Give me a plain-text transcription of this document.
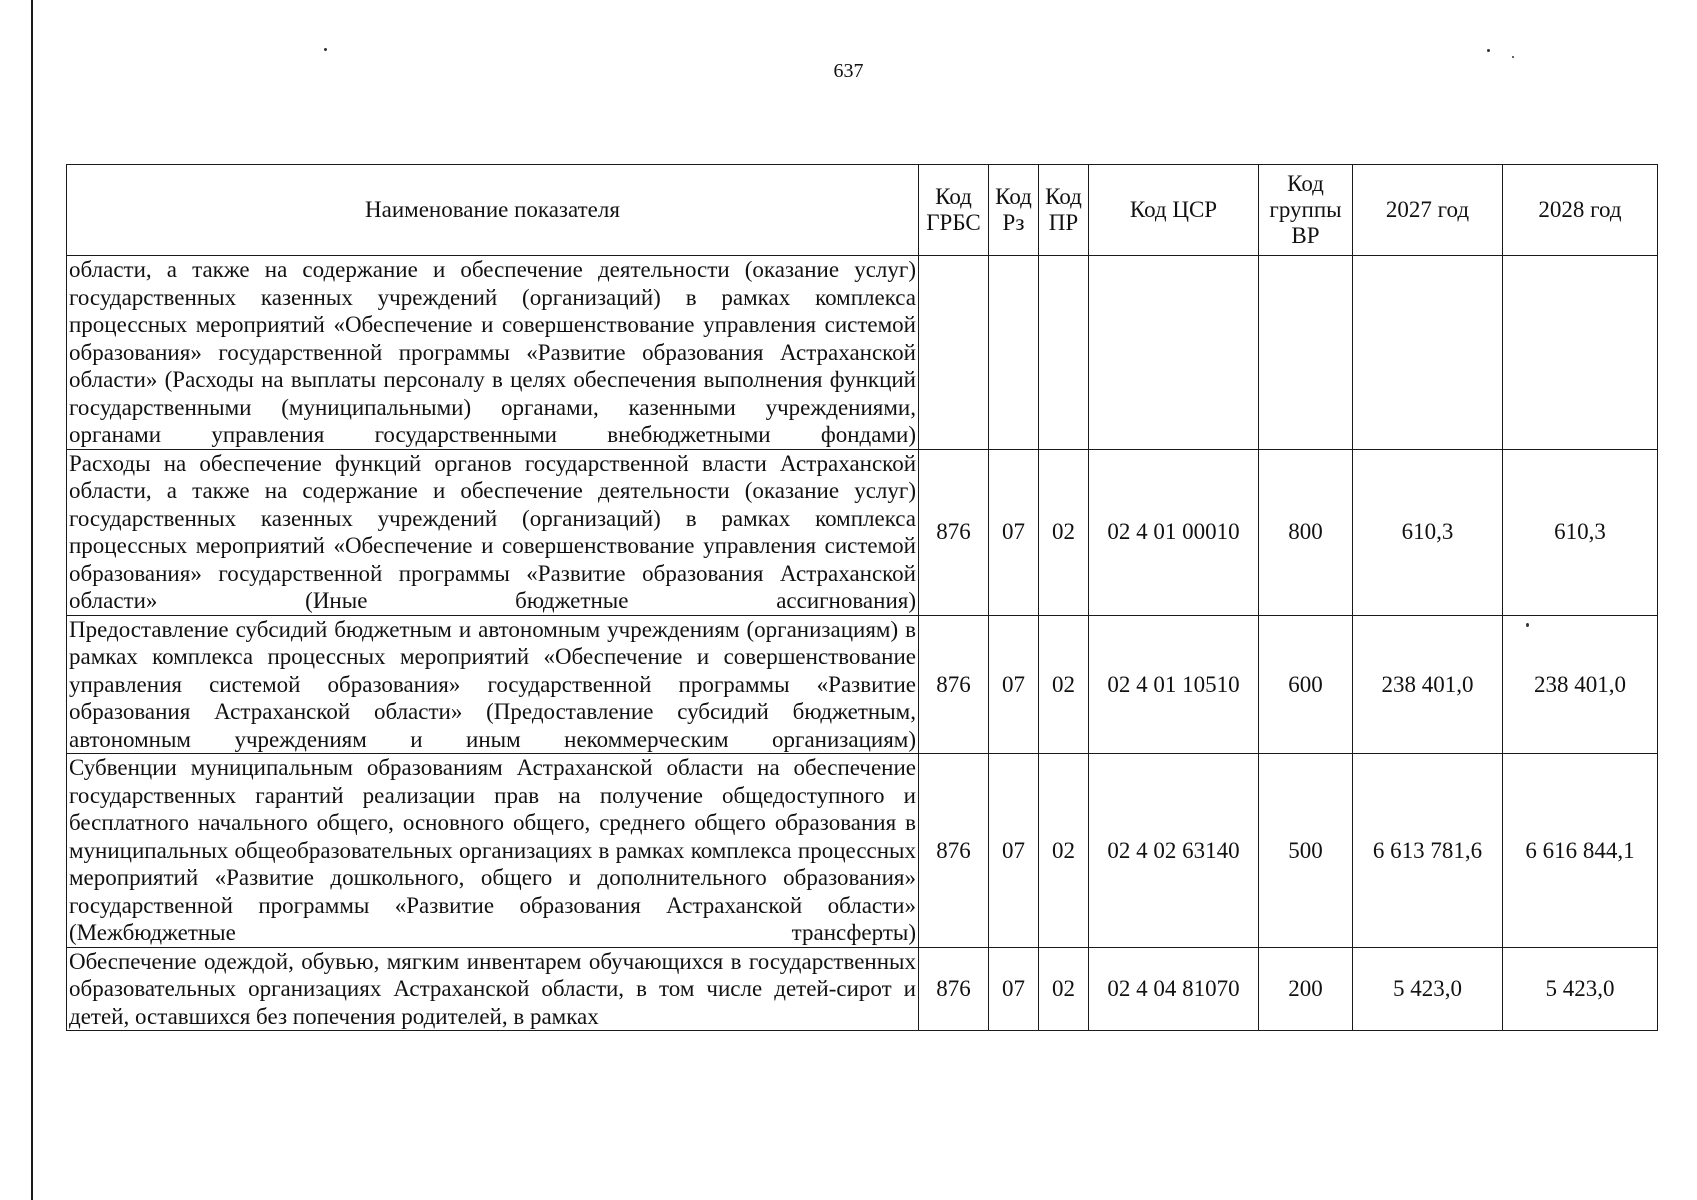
637
Наименование показателя	Код ГРБС	Код Рз	Код ПР	Код ЦСР	Код группы ВР	2027 год	2028 год
области, а также на содержание и обеспечение деятельности (оказание услуг) государственных казенных учреждений (организаций) в рамках комплекса процессных мероприятий «Обеспечение и совершенствование управления системой образования» государственной программы «Развитие образования Астраханской области» (Расходы на выплаты персоналу в целях обеспечения выполнения функций государственными (муниципальными) органами, казенными учреждениями, органами управления государственными внебюджетными фондами)							
Расходы на обеспечение функций органов государственной власти Астраханской области, а также на содержание и обеспечение деятельности (оказание услуг) государственных казенных учреждений (организаций) в рамках комплекса процессных мероприятий «Обеспечение и совершенствование управления системой образования» государственной программы «Развитие образования Астраханской области» (Иные бюджетные ассигнования)	876	07	02	02 4 01 00010	800	610,3	610,3
Предоставление субсидий бюджетным и автономным учреждениям (организациям) в рамках комплекса процессных мероприятий «Обеспечение и совершенствование управления системой образования» государственной программы «Развитие образования Астраханской области» (Предоставление субсидий бюджетным, автономным учреждениям и иным некоммерческим организациям)	876	07	02	02 4 01 10510	600	238 401,0	238 401,0
Субвенции муниципальным образованиям Астраханской области на обеспечение государственных гарантий реализации прав на получение общедоступного и бесплатного начального общего, основного общего, среднего общего образования в муниципальных общеобразовательных организациях в рамках комплекса процессных мероприятий «Развитие дошкольного, общего и дополнительного образования» государственной программы «Развитие образования Астраханской области» (Межбюджетные трансферты)	876	07	02	02 4 02 63140	500	6 613 781,6	6 616 844,1
Обеспечение одеждой, обувью, мягким инвентарем обучающихся в государственных образовательных организациях Астраханской области, в том числе детей-сирот и детей, оставшихся без попечения родителей, в рамках	876	07	02	02 4 04 81070	200	5 423,0	5 423,0
